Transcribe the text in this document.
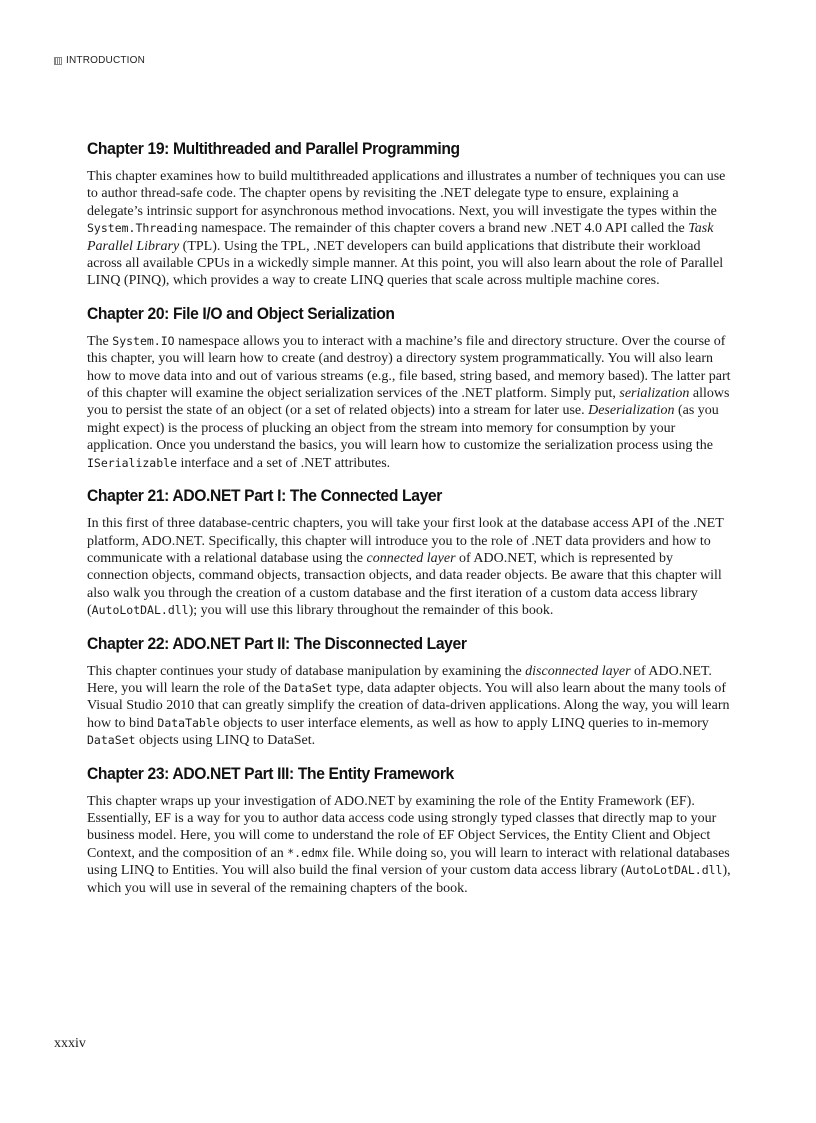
INTRODUCTION
Chapter 19: Multithreaded and Parallel Programming

This chapter examines how to build multithreaded applications and illustrates a number of techniques you can use to author thread-safe code. The chapter opens by revisiting the .NET delegate type to ensure, explaining a delegate’s intrinsic support for asynchronous method invocations. Next, you will investigate the types within the System.Threading namespace. The remainder of this chapter covers a brand new .NET 4.0 API called the Task Parallel Library (TPL). Using the TPL, .NET developers can build applications that distribute their workload across all available CPUs in a wickedly simple manner. At this point, you will also learn about the role of Parallel LINQ (PINQ), which provides a way to create LINQ queries that scale across multiple machine cores.

Chapter 20: File I/O and Object Serialization

The System.IO namespace allows you to interact with a machine’s file and directory structure. Over the course of this chapter, you will learn how to create (and destroy) a directory system programmatically. You will also learn how to move data into and out of various streams (e.g., file based, string based, and memory based). The latter part of this chapter will examine the object serialization services of the .NET platform. Simply put, serialization allows you to persist the state of an object (or a set of related objects) into a stream for later use. Deserialization (as you might expect) is the process of plucking an object from the stream into memory for consumption by your application. Once you understand the basics, you will learn how to customize the serialization process using the ISerializable interface and a set of .NET attributes.

Chapter 21: ADO.NET Part I: The Connected Layer

In this first of three database-centric chapters, you will take your first look at the database access API of the .NET platform, ADO.NET. Specifically, this chapter will introduce you to the role of .NET data providers and how to communicate with a relational database using the connected layer of ADO.NET, which is represented by connection objects, command objects, transaction objects, and data reader objects. Be aware that this chapter will also walk you through the creation of a custom database and the first iteration of a custom data access library (AutoLotDAL.dll); you will use this library throughout the remainder of this book.

Chapter 22: ADO.NET Part II: The Disconnected Layer

This chapter continues your study of database manipulation by examining the disconnected layer of ADO.NET. Here, you will learn the role of the DataSet type, data adapter objects. You will also learn about the many tools of Visual Studio 2010 that can greatly simplify the creation of data-driven applications. Along the way, you will learn how to bind DataTable objects to user interface elements, as well as how to apply LINQ queries to in-memory DataSet objects using LINQ to DataSet.

Chapter 23: ADO.NET Part III: The Entity Framework

This chapter wraps up your investigation of ADO.NET by examining the role of the Entity Framework (EF). Essentially, EF is a way for you to author data access code using strongly typed classes that directly map to your business model. Here, you will come to understand the role of EF Object Services, the Entity Client and Object Context, and the composition of an *.edmx file. While doing so, you will learn to interact with relational databases using LINQ to Entities. You will also build the final version of your custom data access library (AutoLotDAL.dll), which you will use in several of the remaining chapters of the book.

xxxiv
